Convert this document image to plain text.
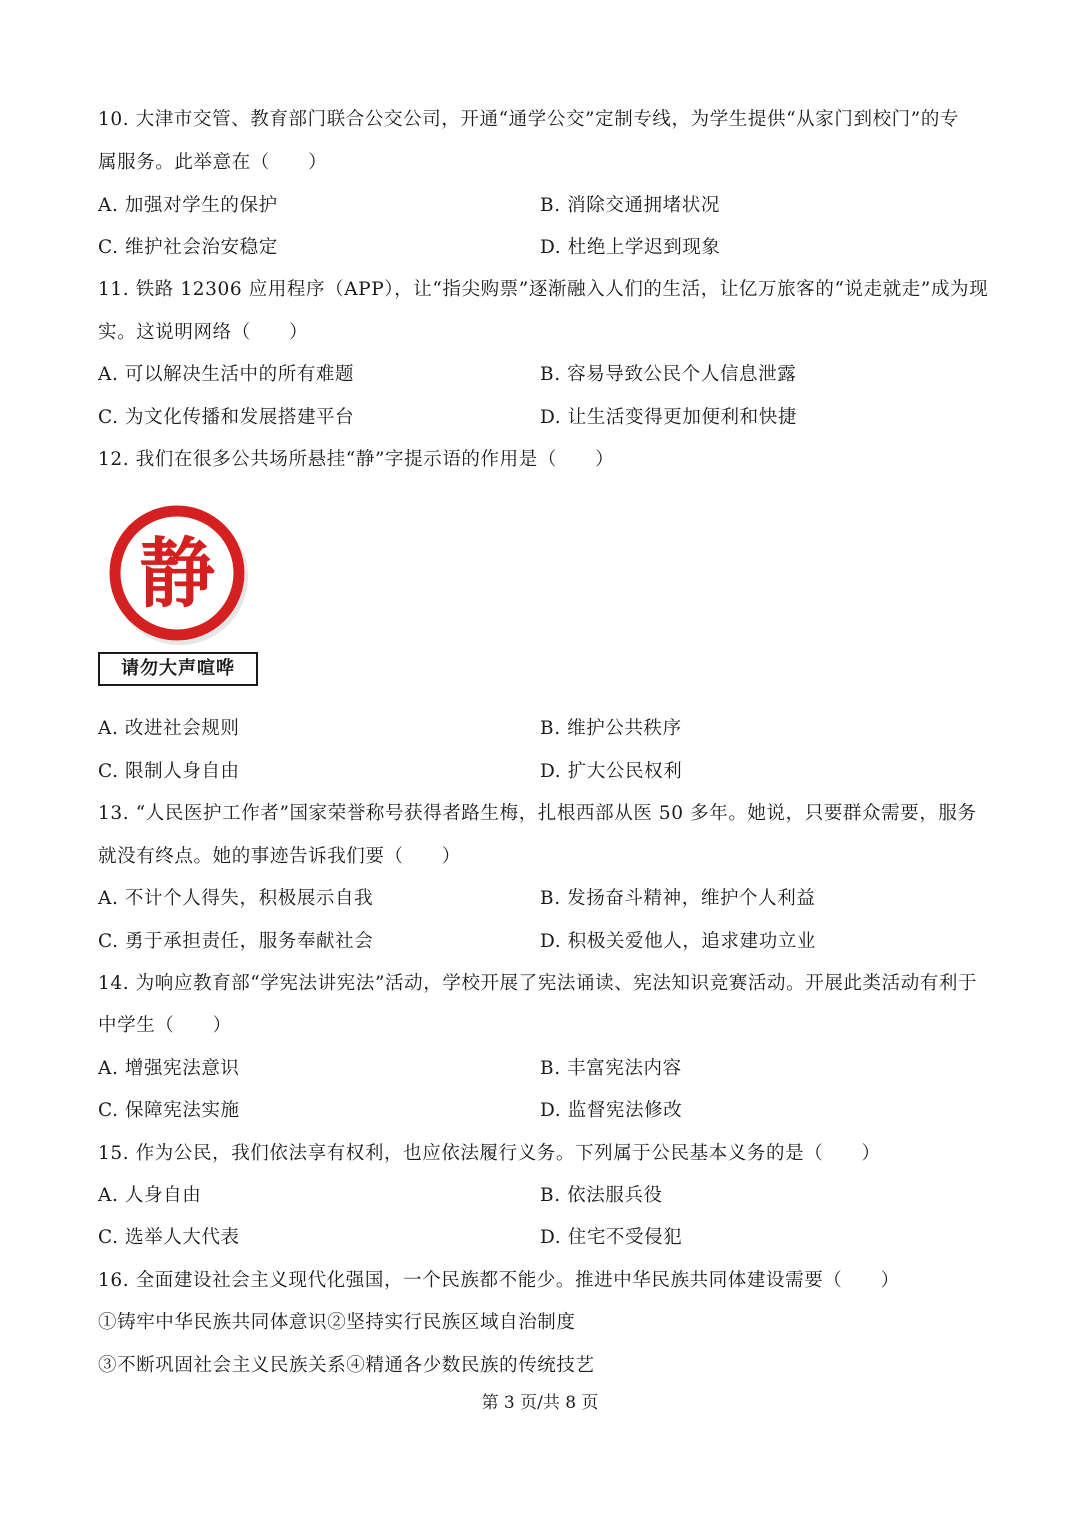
10. 大津市交管、教育部门联合公交公司，开通“通学公交”定制专线，为学生提供“从家门到校门”的专
属服务。此举意在（　　）
A. 加强对学生的保护	B. 消除交通拥堵状况
C. 维护社会治安稳定	D. 杜绝上学迟到现象
11. 铁路 12306 应用程序（APP），让“指尖购票”逐渐融入人们的生活，让亿万旅客的“说走就走”成为现
实。这说明网络（　　）
A. 可以解决生活中的所有难题	B. 容易导致公民个人信息泄露
C. 为文化传播和发展搭建平台	D. 让生活变得更加便利和快捷
12. 我们在很多公共场所悬挂“静”字提示语的作用是（　　）
静
请勿大声喧哗
A. 改进社会规则	B. 维护公共秩序
C. 限制人身自由	D. 扩大公民权利
13. “人民医护工作者”国家荣誉称号获得者路生梅，扎根西部从医 50 多年。她说，只要群众需要，服务
就没有终点。她的事迹告诉我们要（　　）
A. 不计个人得失，积极展示自我	B. 发扬奋斗精神，维护个人利益
C. 勇于承担责任，服务奉献社会	D. 积极关爱他人，追求建功立业
14. 为响应教育部“学宪法讲宪法”活动，学校开展了宪法诵读、宪法知识竞赛活动。开展此类活动有利于
中学生（　　）
A. 增强宪法意识	B. 丰富宪法内容
C. 保障宪法实施	D. 监督宪法修改
15. 作为公民，我们依法享有权利，也应依法履行义务。下列属于公民基本义务的是（　　）
A. 人身自由	B. 依法服兵役
C. 选举人大代表	D. 住宅不受侵犯
16. 全面建设社会主义现代化强国，一个民族都不能少。推进中华民族共同体建设需要（　　）
①铸牢中华民族共同体意识②坚持实行民族区域自治制度
③不断巩固社会主义民族关系④精通各少数民族的传统技艺
第 3 页/共 8 页
